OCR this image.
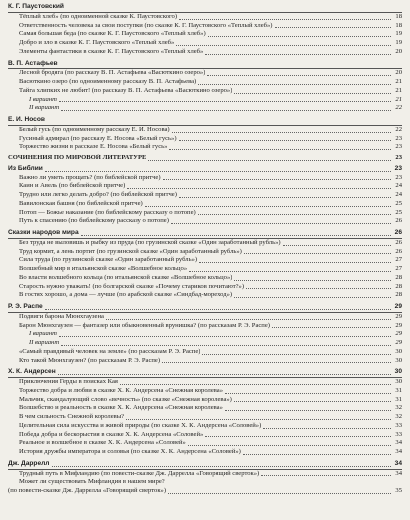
К. Г. Паустовский
Тёплый хлеб» (по одноименной сказке К. Паустовского)	18
Ответственность человека за свои поступки (по сказке К. Г. Паустовского «Теплый хлеб»)	18
Самая большая беда (по сказке К. Г. Паустовского «Теплый хлеб»)	19
Добро и зло в сказке К. Г. Паустовского «Теплый хлеб»	19
Элементы фантастики в сказке К. Г. Паустовского «Теплый хлеб»	20
В. П. Астафьев
Лесной бродяга (по рассказу В. П. Астафьева «Васюткино озеро»)	20
Васюткино озеро (по одноименному рассказу В. П. Астафьева)	21
Тайга хлипких не любит! (по рассказу В. П. Астафьева «Васюткино озеро»)	21
I вариант	21
II вариант	22
Е. И. Носов
Белый гусь (по одноименному рассказу Е. И. Носова)	22
Гусиный адмирал (по рассказу Е. Носова «Белый гусь»)	23
Торжество жизни в рассказе Е. Носова «Белый гусь»	23
СОЧИНЕНИЯ ПО МИРОВОЙ ЛИТЕРАТУРЕ	23
Из Библии	23
Важно ли уметь прощать? (по библейской притче)	23
Каин и Авель (по библейской притче)	24
Трудно или легко делать добро? (по библейской притче)	24
Вавилонская башня (по библейской притче)	25
Потоп — Божье наказание (по библейскому рассказу о потопе)	25
Путь к спасению (по библейскому рассказу о потопе)	26
Сказки народов мира	26
Без труда не выловишь и рыбку из пруда (по грузинской сказке «Один заработанный рубль»)	26
Труд кормит, а лень портит (по грузинской сказке «Один заработанный рубль»)	26
Сила труда (по грузинской сказке «Один заработанный рубль»)	27
Волшебный мир в итальянской сказке «Волшебное кольцо»	27
Во власти волшебного кольца (по итальянской сказке «Волшебное кольцо»)	28
Старость нужно уважать! (по болгарской сказке «Почему стариков почитают?»)	28
В гостях хорошо, а дома — лучше (по арабской сказке «Синдбад-мореход»)	28
Р. Э. Распе	29
Подвиги барона Мюнхгаузена	29
Барон Мюнхгаузен — фантазер или обыкновенный врунишка? (по рассказам Р. Э. Распе)	29
I вариант	29
II вариант	29
«Самый правдивый человек на земле» (по рассказам Р. Э. Распе)	30
Кто такой Мюнхгаузен? (по рассказам Р. Э. Распе)	30
Х. К. Андерсен	30
Приключения Герды в поисках Кая	30
Торжество добра и любви в сказке Х. К. Андерсена «Снежная королева»	31
Мальчик, скандалующий слово «вечность» (по сказке «Снежная королева»)	31
Волшебство и реальность в сказке Х. К. Андерсена «Снежная королева»	32
В чем сильность Снежной королевы?	32
Целительная сила искусства и живой природы (по сказке Х. К. Андерсена «Соловей»)	33
Победа добра и бескорыстия в сказке Х. К. Андерсена «Соловей»	33
Реальное и волшебное в сказке Х. К. Андерсена «Соловей»	34
История дружбы императора и соловья (по сказке Х. К. Андерсена «Соловей»)	34
Дж. Даррелл	34
Трудный путь в Мифландию (по повести-сказке Дж. Даррелла «Говорящий сверток»)	34
Может ли существовать Мифландия в нашем мире?
(по повести-сказке Дж. Даррелла «Говорящий сверток»)	35
